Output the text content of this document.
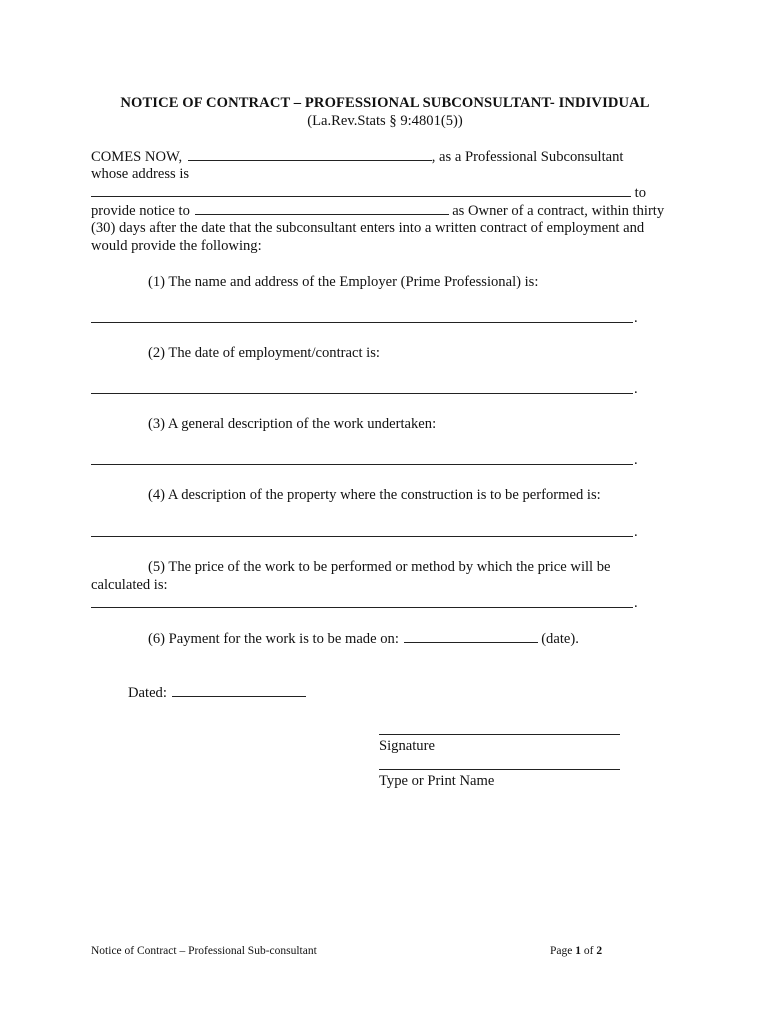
NOTICE OF CONTRACT – PROFESSIONAL SUBCONSULTANT- INDIVIDUAL
(La.Rev.Stats § 9:4801(5))
COMES NOW,	, as a Professional Subconsultant
whose address is
to
provide notice to	as Owner of a contract, within thirty
(30) days after the date that the subconsultant enters into a written contract of employment and
would provide the following:
(1) The name and address of the Employer (Prime Professional) is:
.
(2) The date of employment/contract is:
.
(3) A general description of the work undertaken:
.
(4) A description of the property where the construction is to be performed is:
.
(5) The price of the work to be performed or method by which the price will be
calculated is:
.
(6) Payment for the work is to be made on:	(date).
Dated:
Signature
Type or Print Name
Notice of Contract – Professional Sub-consultant	Page 1 of 2
